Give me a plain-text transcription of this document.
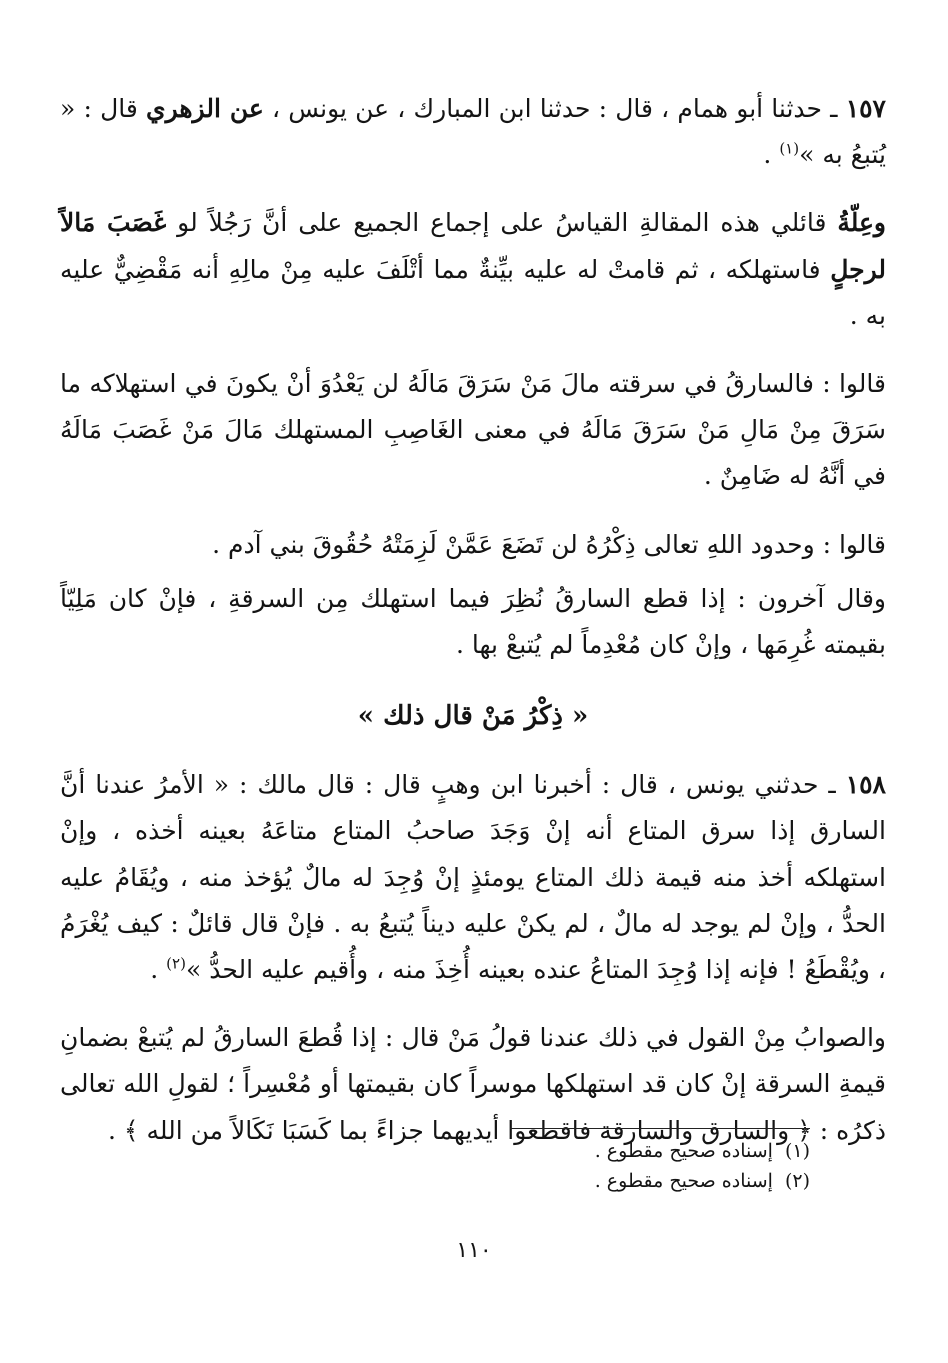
١٥٧ ـ حدثنا أبو همام ، قال : حدثنا ابن المبارك ، عن يونس ، عن الزهري قال : « يُتبعُ به »$^{(١)}$ .

وعِلّةُ قائلي هذه المقالةِ القياسُ على إجماع الجميع على أنَّ رَجُلاً لو غَصَبَ مَالاً لرجلٍ فاستهلكه ، ثم قامتْ له عليه بيِّنةٌ مما أتْلَفَ عليه مِنْ مالِهِ أنه مَقْضِيٌّ عليه به .

قالوا : فالسارقُ في سرقته مالَ مَنْ سَرَقَ مَالَهُ لن يَعْدُوَ أنْ يكونَ في استهلاكه ما سَرَقَ مِنْ مَالِ مَنْ سَرَقَ مَالَهُ في معنى الغَاصِبِ المستهلك مَالَ مَنْ غَصَبَ مَالَهُ في أنَّهُ له ضَامِنٌ .

قالوا : وحدود اللهِ تعالى ذِكْرُهُ لن تَضَعَ عَمَّنْ لَزِمَتْهُ حُقُوقَ بني آدم .

وقال آخرون : إذا قطع السارقُ نُظِرَ فيما استهلك مِن السرقةِ ، فإنْ كان مَلِيّاً بقيمته غُرِمَها ، وإنْ كان مُعْدِماً لم يُتبعْ بها .

« ذِكْرُ مَنْ قال ذلك »

١٥٨ ـ حدثني يونس ، قال : أخبرنا ابن وهبٍ قال : قال مالك : « الأمرُ عندنا أنَّ السارق إذا سرق المتاع أنه إنْ وَجَدَ صاحبُ المتاع متاعَهُ بعينه أخذه ، وإنْ استهلكه أخذ منه قيمة ذلك المتاع يومئذٍ إنْ وُجِدَ له مالٌ يُؤخذ منه ، ويُقَامُ عليه الحدُّ ، وإنْ لم يوجد له مالٌ ، لم يكنْ عليه ديناً يُتبعُ به . فإنْ قال قائلٌ : كيف يُغْرَمُ ، ويُقْطَعُ ! فإنه إذا وُجِدَ المتاعُ عنده بعينه أُخِذَ منه ، وأُقيم عليه الحدُّ »$^{(٢)}$ .

والصوابُ مِنْ القول في ذلك عندنا قولُ مَنْ قال : إذا قُطعَ السارقُ لم يُتبعْ بضمانِ قيمةِ السرقة إنْ كان قد استهلكها موسراً كان بقيمتها أو مُعْسِراً ؛ لقولِ الله تعالى ذكرُه : ﴿ والسارق والسارقة فاقطعوا أيديهما جزاءً بما كَسَبَا نَكَالاً من الله ﴾ .

(١)
إسناده صحيح مقطوع .
(٢)
إسناده صحيح مقطوع .
١١٠
